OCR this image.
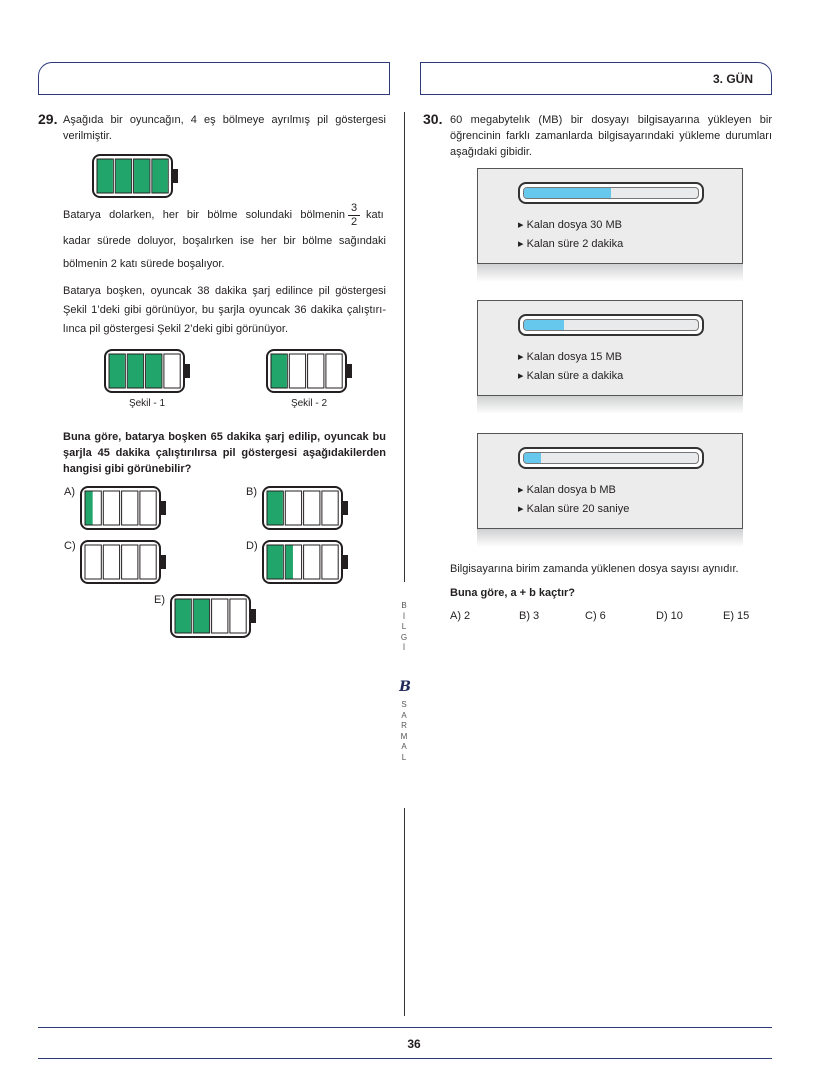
3. GÜN
29. Aşağıda bir oyuncağın, 4 eş bölmeye ayrılmış pil göstergesi
verilmiştir.
Batarya dolarken, her bir bölme solundaki bölmenin $\frac{3}{2}$ katı
kadar sürede doluyor, boşalırken ise her bir bölme sağındaki
bölmenin 2 katı sürede boşalıyor.
Batarya boşken, oyuncak 38 dakika şarj edilince pil göstergesi
Şekil 1’deki gibi görünüyor, bu şarjla oyuncak 36 dakika çalıştırı-
lınca pil göstergesi Şekil 2’deki gibi görünüyor.
Şekil - 1	Şekil - 2
Buna göre, batarya boşken 65 dakika şarj edilip, oyuncak bu
şarjla 45 dakika çalıştırılırsa pil göstergesi aşağıdakilerden
hangisi gibi görünebilir?
A)	B)
C)	D)
E)	B
İ
L
G
İ
B
S
A
R
M
A
L
30. 60 megabytelık (MB) bir dosyayı bilgisayarına yükleyen bir
öğrencinin farklı zamanlarda bilgisayarındaki yükleme durumları
aşağıdaki gibidir.
▸ Kalan dosya 30 MB
▸ Kalan süre 2 dakika
▸ Kalan dosya 15 MB
▸ Kalan süre a dakika
▸ Kalan dosya b MB
▸ Kalan süre 20 saniye
Bilgisayarına birim zamanda yüklenen dosya sayısı aynıdır.
Buna göre, a + b kaçtır?
A) 2	B) 3	C) 6	D) 10	E) 15
36
